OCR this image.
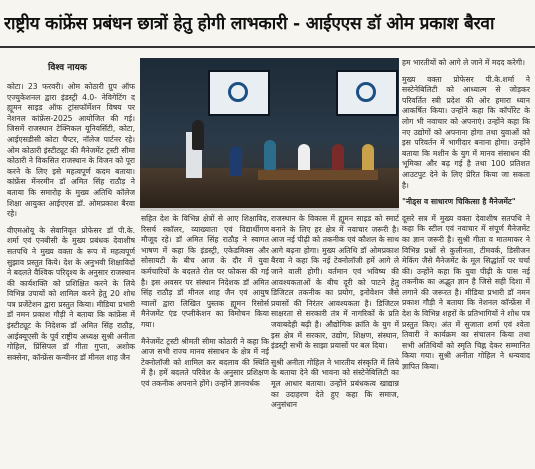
राष्ट्रीय कांफ्रेंस प्रबंधन छात्रों हेतु होगी लाभकारी - आईएएस डॉ ओम प्रकाश बैरवा
विश्व नायक

कोटा। 23 फरवरी। ओम कोठारी ग्रुप ऑफ एज्युकेशनल द्वारा इंडस्ट्री 4.0- नेविगेटिंग द ह्यूमन साइड ऑफ ट्रांसफॉर्मेशन विषय पर नेशनल कांफ्रेंस-2025 आयोजित की गई। जिसमें राजस्थान टेक्निकल यूनिवर्सिटी, कोटा, आईएसडीसी कोटा चैप्टर, नॉलेज पार्टनर रहे। ओम कोठारी इंस्टीट्यूट की मैनेजमेंट ट्रस्टी सीमा कोठारी ने विकसित राजस्थान के विजन को पूरा करने के लिए इसे महत्वपूर्ण कदम बताया। कांफ्रेंस मेंनरमीन डॉ अमित सिंह राठौड़ ने बताया कि समारोह के मुख्य अतिथि कॉलेज शिक्षा आयुक्त आईएएस डॉ. ओमप्रकाश बैरवा रहे।

वीएमओयू के सेवानिवृत प्रोफेसर डॉ पी.के. शर्मा एवं एनबीसी के मुख्य प्रबंधक देवाशीष सतपथि ने मुख्य वक्ता के रूप में महत्वपूर्ण सुझाव प्रस्तुत किये। देश के अनुभवी शिक्षाविदों ने बदलते वैश्विक परिदृश्य के अनुसार राजस्थान की कार्यशक्ति को प्रशिक्षित करने के लिये विभिन्न उपायों को शामिल करने हेतु 20 शोध पत्र प्रजेंटेशन द्वारा प्रस्तुत किया। मीडिया प्रभारी डॉ नमन प्रकाश गौड़ी ने बताया कि कांफ्रेंस में इंस्टीट्यूट के निदेशक डॉ अमित सिंह राठौड़, आईक्यूएसी के पूर्व राष्ट्रीय अध्यक्ष सुश्री अनीता गोहिल, प्रिंसिपल डॉ गीता गुप्ता, अशोक सक्सेना, कॉन्फ्रेंस कन्वीनर डॉ मीनल शाह जैन

सहित देश के विभिन्न क्षेत्रों से आए शिक्षाविद, रिसर्च स्कॉलर, व्याख्याता एवं विद्यार्थीगण मौजूद रहे। डॉ अमित सिंह राठौड़ ने स्वागत भाषण में कहा कि इंडस्ट्री, एकेडमिक्स और सोसायटी के बीच आज के दौर में युवा कर्मचारियों के बदलते रोल पर फोकस की गई है। इस अवसर पर संस्थान निदेशक डॉ अमित सिंह राठौड़ डॉ मीनल शाह जैन एवं आयुष ग्वालों द्वारा लिखित पुस्तक ह्यूमन रिसोर्स मैनेजमेंट एंड एप्लीकेशन का विमोचन किया गया।

मैनेजमेंट ट्रस्टी श्रीमती सीमा कोठारी ने कहा कि आज सभी राज्य मानव संसाधन के क्षेत्र में नई टेक्नोलॉजी को शामिल कर बदलाव की स्थिति में है। हमें बदलते परिवेश के अनुसार प्रशिक्षण एवं तकनीक अपनाने होंगे। उन्होंने ज्ञानवर्धक

राजस्थान के विकास में ह्यूमन साइड को स्मार्ट बनाने के लिए हर क्षेत्र में नवाचार जरूरी है। आज नई पीढ़ी को तकनीक एवं कौशल के साथ आगे बढ़ना होगा। मुख्य अतिथि डॉ ओमप्रकाश बैरवा ने कहा कि नई टेक्नोलॉजी हमें आगे ले जाने वाली होगी। वर्तमान एवं भविष्य की आवश्यकताओं के बीच दूरी को पाटने हेतु डिजिटल तकनीक का प्रयोग, इनोवेशन जैसे प्रयासों की निरंतर आवश्यकता है। डिजिटल साक्षरता से सरकारी तंत्र में नागरिकों के प्रति जवाबदेही बढ़ी है। औद्योगिक क्रांति के युग में इस क्षेत्र में सरकार, उद्योग, शिक्षण, संस्थान, इंडस्ट्री सभी के साझा प्रयासों पर बल दिया।

सुश्री अनीता गोहिल ने भारतीय संस्कृति में लिये के बताया देने की भावना को संस्टेनेबिलिटी का मूल आधार बताया। उन्होंने प्रबंधकत्व खाद्यान्न का उदाहरण देते हुए कहा कि समाज, अनुसंधान

हम भारतीयों को आगे ले जाने में मदद करेगी।

मुख्य वक्ता प्रोफेसर पी.के.शर्मा ने सस्टेनेबिलिटी को आध्यात्म से जोड़कर परिवर्तित स्त्री प्रदेश की ओर हमारा ध्यान आकर्षित किया। उन्होंने कहा कि कॉर्पोरेट के लोग भी नवाचार को अपनाएं। उन्होंने कहा कि नए उद्योगों को अपनाना होगा तथा युवाओं को इस परिवर्तन में भागीदार बनाना होगा। उन्होंने बताया कि मशीन के युग में मानव संसाधन की भूमिका और बढ़ गई है तथा 100 प्रतिशत आउटपुट देने के लिए प्रेरित किया जा सकता है।

"नीड्स व साधारण चिकित्सा है मैनेजमेंट"

दूसरे सत्र में मुख्य वक्ता देवाशीष सतपथि ने कहा कि स्टील एवं नवाचार में संपूर्ण मैनेजमेंट का ज्ञान जरूरी है। सुश्री गीता व मातमाकर ने विभिन्न प्रश्नों से कुलीनता, टीमवर्क, डिसीजन मेकिंग जैसे मैनेजमेंट के मूल सिद्धांतों पर चर्चा की। उन्होंने कहा कि युवा पीढ़ी के पास नई तकनीक का अद्भुत ज्ञान है जिसे सही दिशा में लगाने की जरूरत है। मीडिया प्रभारी डॉ नमन प्रकाश गौड़ी ने बताया कि नेशनल कॉन्फ्रेंस में देश के विभिन्न शहरों के प्रतिभागियों ने शोध पत्र प्रस्तुत किए। अंत में सुजाता शर्मा एवं श्वेता तिवारी ने कार्यक्रम का संचालन किया तथा सभी अतिथियों को स्मृति चिह्न देकर सम्मानित किया गया। सुश्री अनीता गोहिल ने धन्यवाद ज्ञापित किया।
